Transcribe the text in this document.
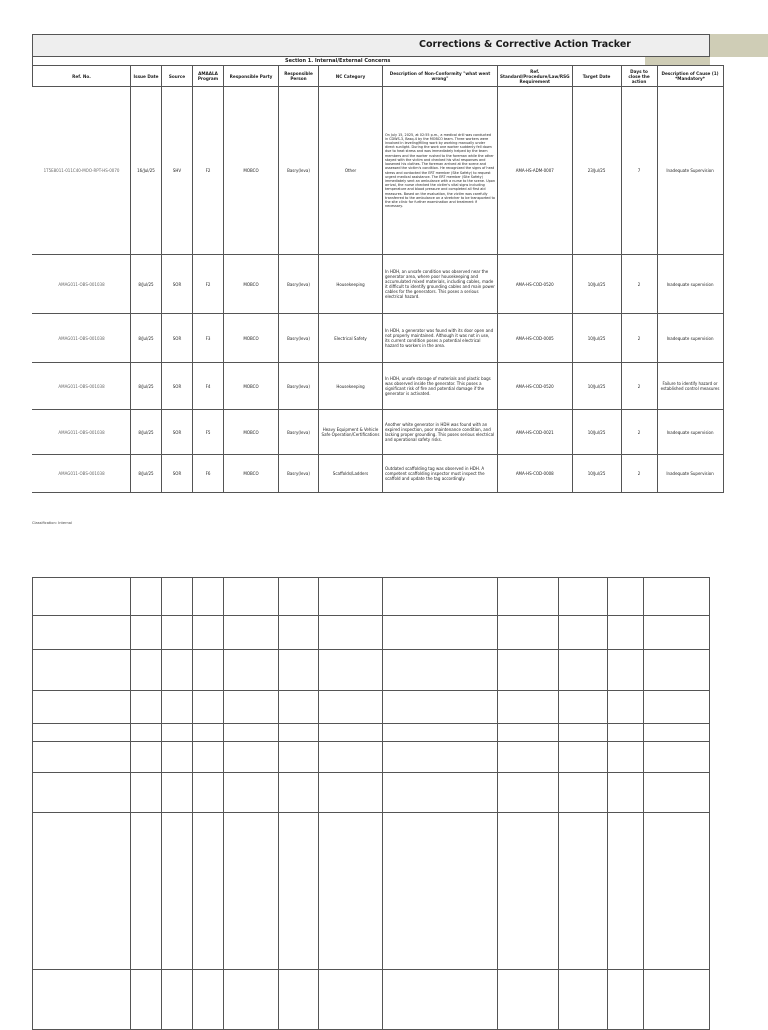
Corrections & Corrective Action Tracker
Section 1. Internal/External Concerns
Ref. No.	Issue Date	Source	AMAALA Program	Responsible Party	Responsible Person	NC Category	Description of Non-Conformity "what went wrong"	Ref. Standard/Procedure/Law/RSG Requirement	Target Date	Days to close the action	Description of Cause (1) *Mandatory*
1T5E8011-011C40-MOO-RPT-HS-0070	16/Jul/25	SHV	F2	MOBCO	Basry(leva)	Other	On July 15, 2025, at 02:55 p.m., a medical drill was conducted in CDWS-3, Basq-4 by the MOBCO team. Three workers were involved in leveling/filling work by working manually under direct sunlight. During the work one worker suddenly fell down due to heat stress and was immediately helped by the team members and the worker rushed to the foreman while the other stayed with the victim and checked his vital responses and loosened his clothes. The foreman arrived at the scene and assessed the victim's condition. He recognized the signs of heat stress and contacted the ERT member (Site Safety) to request urgent medical assistance. The ERT member (Site Safety) immediately sent an ambulance with a nurse to the scene. Upon arrival, the nurse checked the victim's vital signs including temperature and blood pressure and completed all first aid measures. Based on the evaluation, the victim was carefully transferred to the ambulance on a stretcher to be transported to the site clinic for further examination and treatment if necessary.	AMA-HS-ADM-0007	23/Jul/25	7	Inadequate Supervision
AMAG011-OBS-001038	8/Jul/25	SOR	F2	MOBCO	Basry(leva)	Housekeeping	In HDH, an unsafe condition was observed near the generator area, where poor housekeeping and accumulated mixed materials, including cables, made it difficult to identify grounding cables and main power cables for the generators. This poses a serious electrical hazard.	AMA-HS-COD-0520	10/Jul/25	2	Inadequate supervision
AMAG011-OBS-001038	8/Jul/25	SOR	F3	MOBCO	Basry(leva)	Electrical Safety	In HDH, a generator was found with its door open and not properly maintained. Although it was not in use, its current condition poses a potential electrical hazard to workers in the area.	AMA-HS-COD-0005	10/Jul/25	2	Inadequate supervision
AMAG011-OBS-001038	8/Jul/25	SOR	F4	MOBCO	Basry(leva)	Housekeeping	In HDH, unsafe storage of materials and plastic bags was observed inside the generator. This poses a significant risk of fire and potential damage if the generator is activated.	AMA-HS-COD-0520	10/Jul/25	2	Failure to identify hazard or established control measures
AMAG011-OBS-001038	8/Jul/25	SOR	F5	MOBCO	Basry(leva)	Heavy Equipment & Vehicle Safe Operation/Certifications	Another white generator in HDH was found with an expired inspection, poor maintenance condition, and lacking proper grounding. This poses serious electrical and operational safety risks.	AMA-HS-COD-0021	10/Jul/25	2	Inadequate supervision
AMAG011-OBS-001038	8/Jul/25	SOR	F6	MOBCO	Basry(leva)	Scaffolds/Ladders	Outdated scaffolding tag was observed in HDH. A competent scaffolding inspector must inspect the scaffold and update the tag accordingly.	AMA-HS-COD-0008	10/Jul/25	2	Inadequate Supervision
Classification: Internal
